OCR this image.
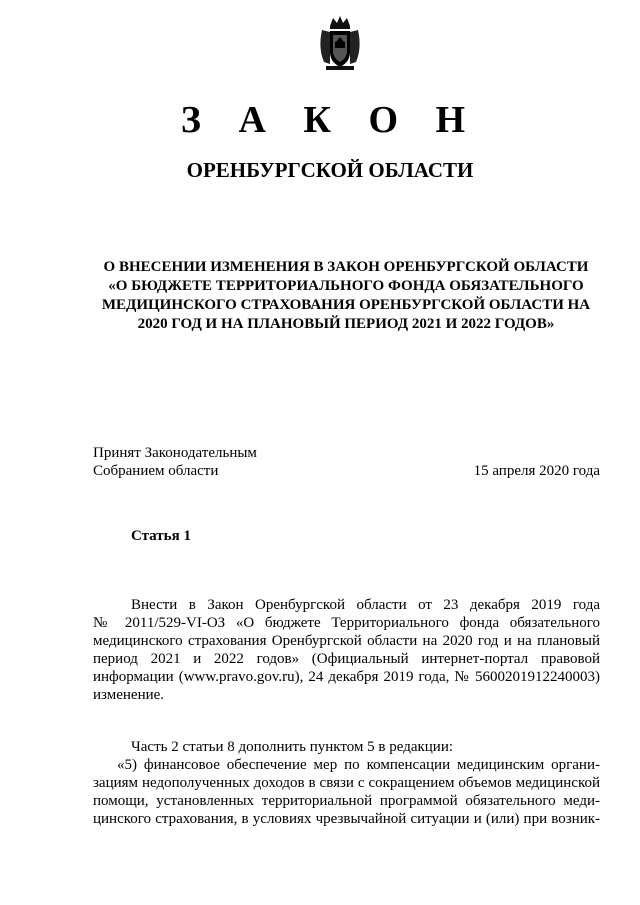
З А К О Н
ОРЕНБУРГСКОЙ ОБЛАСТИ
О ВНЕСЕНИИ ИЗМЕНЕНИЯ В ЗАКОН ОРЕНБУРГСКОЙ ОБЛАСТИ
«О БЮДЖЕТЕ ТЕРРИТОРИАЛЬНОГО ФОНДА ОБЯЗАТЕЛЬНОГО
МЕДИЦИНСКОГО СТРАХОВАНИЯ ОРЕНБУРГСКОЙ ОБЛАСТИ НА
2020 ГОД И НА ПЛАНОВЫЙ ПЕРИОД 2021 И 2022 ГОДОВ»
Принят Законодательным
Собранием области	15 апреля 2020 года
Статья 1
Внести в Закон Оренбургской области от 23 декабря 2019 года
№ 2011/529-VI-ОЗ «О бюджете Территориального фонда обязательного
медицинского страхования Оренбургской области на 2020 год и на плановый
период 2021 и 2022 годов» (Официальный интернет-портал правовой
информации (www.pravo.gov.ru), 24 декабря 2019 года, № 5600201912240003)
изменение.
Часть 2 статьи 8 дополнить пунктом 5 в редакции:
«5) финансовое обеспечение мер по компенсации медицинским органи-
зациям недополученных доходов в связи с сокращением объемов медицинской
помощи, установленных территориальной программой обязательного меди-
цинского страхования, в условиях чрезвычайной ситуации и (или) при возник-
